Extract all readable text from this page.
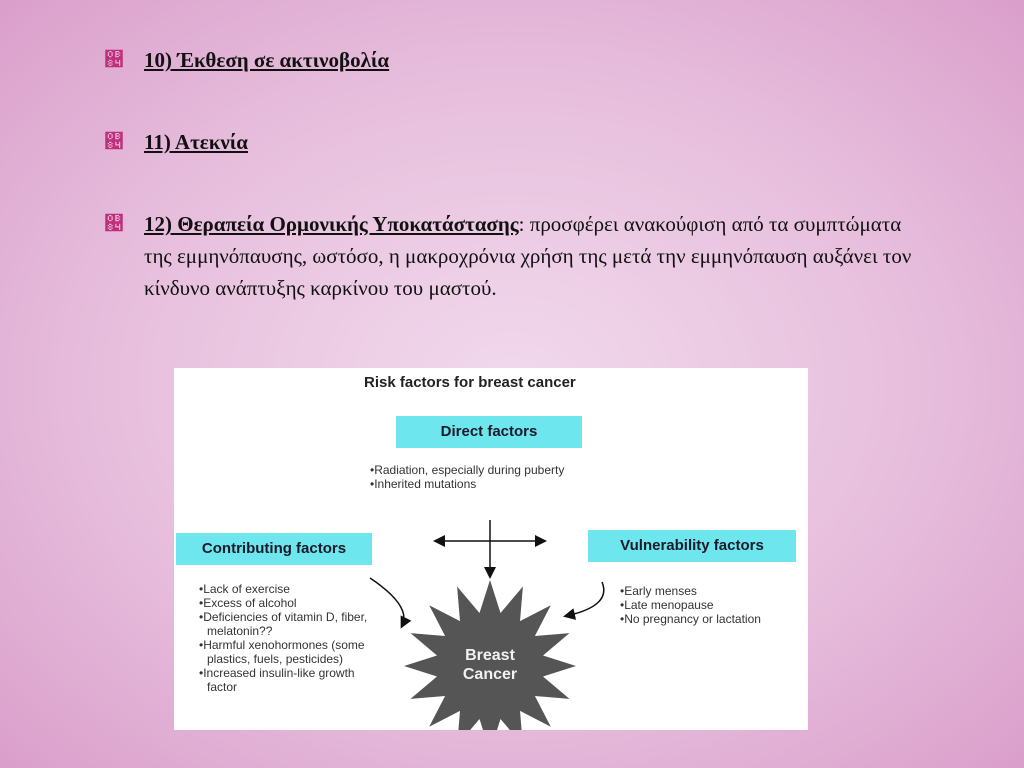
஄ 10) Έκθεση σε ακτινοβολία
஄ 11) Ατεκνία
஄ 12) Θεραπεία Ορμονικής Υποκατάστασης: προσφέρει ανακούφιση από τα συμπτώματα της εμμηνόπαυσης, ωστόσο, η μακροχρόνια χρήση της μετά την εμμηνόπαυση αυξάνει τον κίνδυνο ανάπτυξης καρκίνου του μαστού.
Risk factors for breast cancer
Direct factors
• Radiation, especially during puberty
• Inherited mutations
Contributing factors
• Lack of exercise
• Excess of alcohol
• Deficiencies of vitamin D, fiber, melatonin??
• Harmful xenohormones (some plastics, fuels, pesticides)
• Increased insulin-like growth factor
Vulnerability factors
• Early menses
• Late menopause
• No pregnancy or lactation
Breast
Cancer
